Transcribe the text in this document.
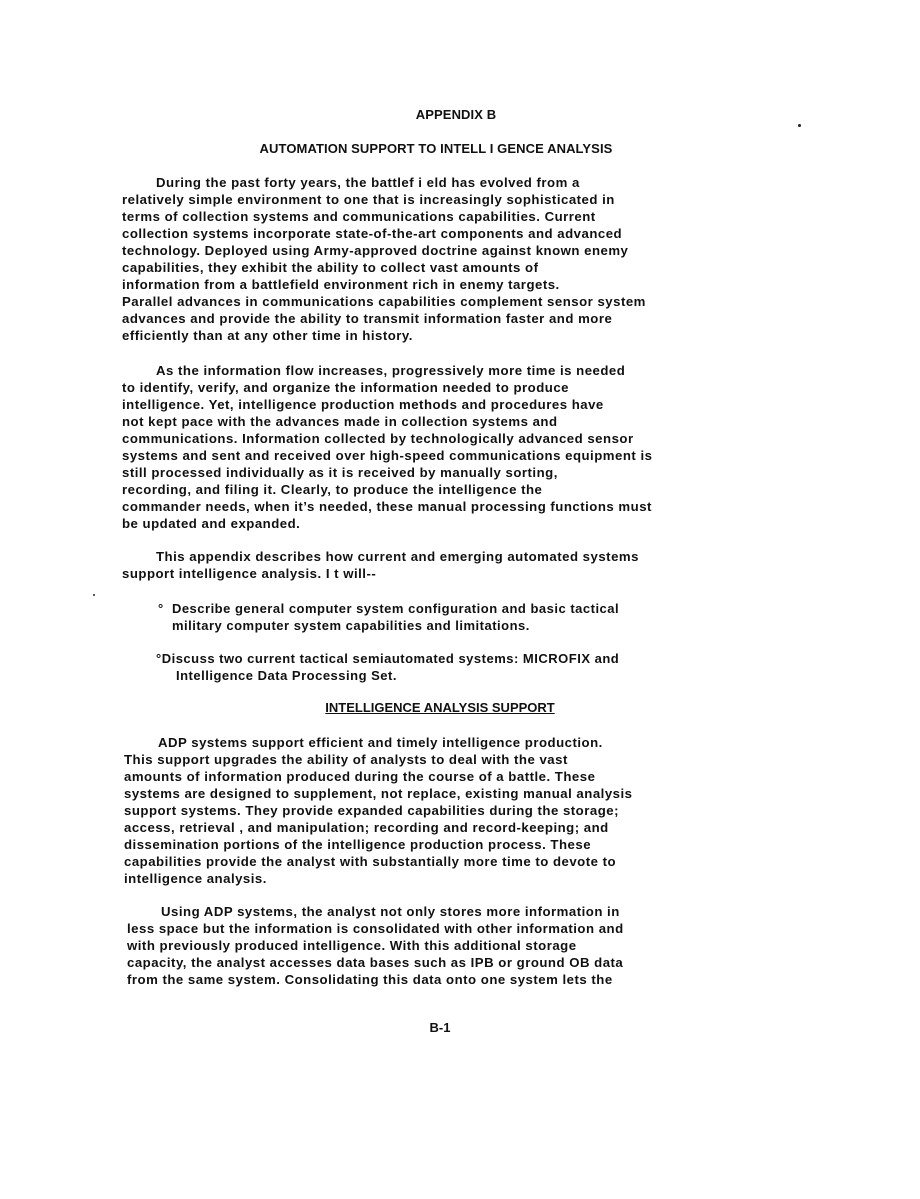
APPENDIX B
AUTOMATION SUPPORT TO INTELL I GENCE ANALYSIS
During the past forty years, the battlef i eld has evolved from a
relatively simple environment to one that is increasingly sophisticated in
terms of collection systems and communications capabilities. Current
collection systems incorporate state-of-the-art components and advanced
technology. Deployed using Army-approved doctrine against known enemy
capabilities, they exhibit the ability to collect vast amounts of
information from a battlefield environment rich in enemy targets.
Parallel advances in communications capabilities complement sensor system
advances and provide the ability to transmit information faster and more
efficiently than at any other time in history.
As the information flow increases, progressively more time is needed
to identify, verify, and organize the information needed to produce
intelligence. Yet, intelligence production methods and procedures have
not kept pace with the advances made in collection systems and
communications. Information collected by technologically advanced sensor
systems and sent and received over high-speed communications equipment is
still processed individually as it is received by manually sorting,
recording, and filing it. Clearly, to produce the intelligence the
commander needs, when it’s needed, these manual processing functions must
be updated and expanded.
This appendix describes how current and emerging automated systems
support intelligence analysis. I t will--
° Describe general computer system configuration and basic tactical
military computer system capabilities and limitations.
°Discuss two current tactical semiautomated systems: MICROFIX and
Intelligence Data Processing Set.
INTELLIGENCE ANALYSIS SUPPORT
ADP systems support efficient and timely intelligence production.
This support upgrades the ability of analysts to deal with the vast
amounts of information produced during the course of a battle. These
systems are designed to supplement, not replace, existing manual analysis
support systems. They provide expanded capabilities during the storage;
access, retrieval , and manipulation; recording and record-keeping; and
dissemination portions of the intelligence production process. These
capabilities provide the analyst with substantially more time to devote to
intelligence analysis.
Using ADP systems, the analyst not only stores more information in
less space but the information is consolidated with other information and
with previously produced intelligence. With this additional storage
capacity, the analyst accesses data bases such as IPB or ground OB data
from the same system. Consolidating this data onto one system lets the
B-1
